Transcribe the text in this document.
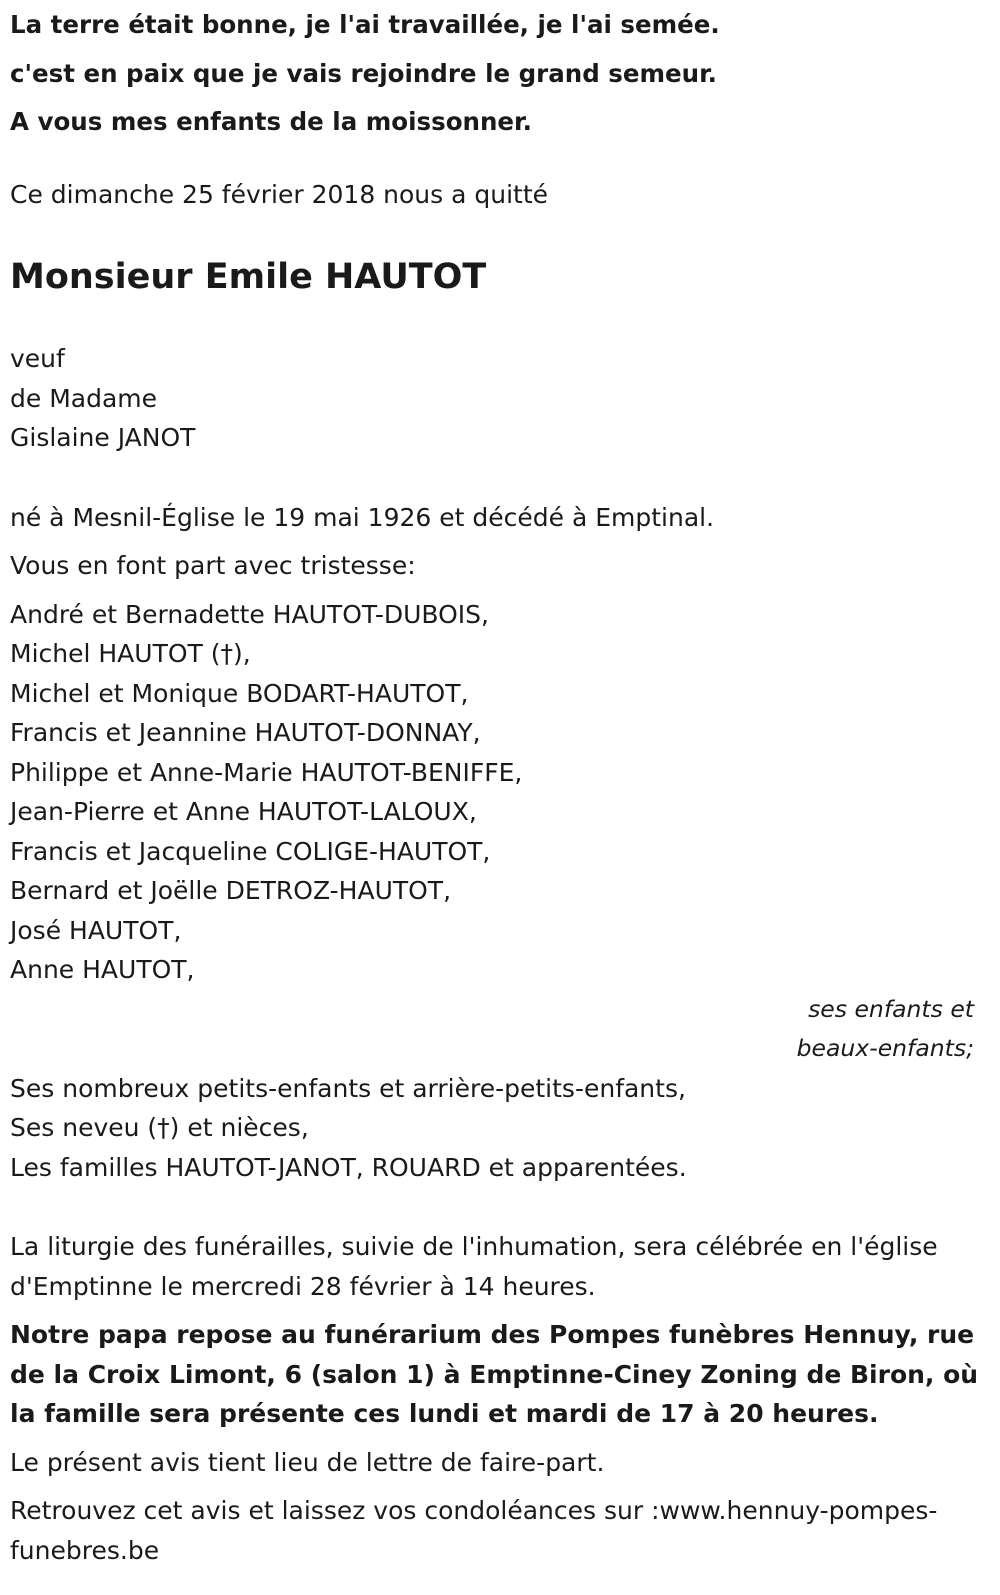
La terre était bonne, je l'ai travaillée, je l'ai semée.
c'est en paix que je vais rejoindre le grand semeur.
A vous mes enfants de la moissonner.
Ce dimanche 25 février 2018 nous a quitté
Monsieur Emile HAUTOT
veuf
de Madame
Gislaine JANOT
né à Mesnil-Église le 19 mai 1926 et décédé à Emptinal.
Vous en font part avec tristesse:
André et Bernadette HAUTOT-DUBOIS,
Michel HAUTOT (†),
Michel et Monique BODART-HAUTOT,
Francis et Jeannine HAUTOT-DONNAY,
Philippe et Anne-Marie HAUTOT-BENIFFE,
Jean-Pierre et Anne HAUTOT-LALOUX,
Francis et Jacqueline COLIGE-HAUTOT,
Bernard et Joëlle DETROZ-HAUTOT,
José HAUTOT,
Anne HAUTOT,
ses enfants et
beaux-enfants;
Ses nombreux petits-enfants et arrière-petits-enfants,
Ses neveu (†) et nièces,
Les familles HAUTOT-JANOT, ROUARD et apparentées.
La liturgie des funérailles, suivie de l'inhumation, sera célébrée en l'église d'Emptinne le mercredi 28 février à 14 heures.
Notre papa repose au funérarium des Pompes funèbres Hennuy, rue de la Croix Limont, 6 (salon 1) à Emptinne-Ciney Zoning de Biron, où la famille sera présente ces lundi et mardi de 17 à 20 heures.
Le présent avis tient lieu de lettre de faire-part.
Retrouvez cet avis et laissez vos condoléances sur :www.hennuy-pompes-funebres.be
